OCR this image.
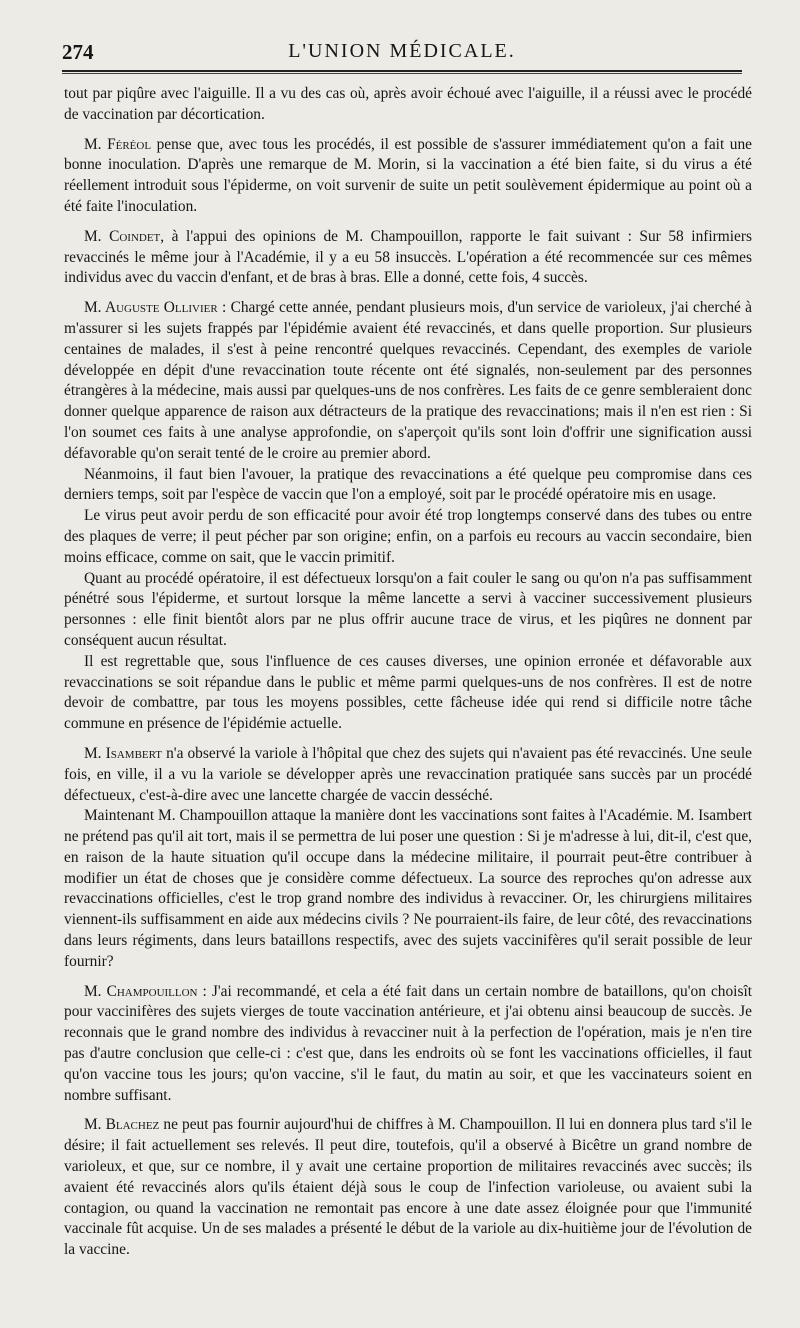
274	L'UNION MÉDICALE.

tout par piqûre avec l'aiguille. Il a vu des cas où, après avoir échoué avec l'aiguille, il a réussi avec le procédé de vaccination par décortication.

M. Féréol pense que, avec tous les procédés, il est possible de s'assurer immédiatement qu'on a fait une bonne inoculation. D'après une remarque de M. Morin, si la vaccination a été bien faite, si du virus a été réellement introduit sous l'épiderme, on voit survenir de suite un petit soulèvement épidermique au point où a été faite l'inoculation.

M. Coindet, à l'appui des opinions de M. Champouillon, rapporte le fait suivant : Sur 58 infirmiers revaccinés le même jour à l'Académie, il y a eu 58 insuccès. L'opération a été recommencée sur ces mêmes individus avec du vaccin d'enfant, et de bras à bras. Elle a donné, cette fois, 4 succès.

M. Auguste Ollivier : Chargé cette année, pendant plusieurs mois, d'un service de varioleux, j'ai cherché à m'assurer si les sujets frappés par l'épidémie avaient été revaccinés, et dans quelle proportion. Sur plusieurs centaines de malades, il s'est à peine rencontré quelques revaccinés. Cependant, des exemples de variole développée en dépit d'une revaccination toute récente ont été signalés, non-seulement par des personnes étrangères à la médecine, mais aussi par quelques-uns de nos confrères. Les faits de ce genre sembleraient donc donner quelque apparence de raison aux détracteurs de la pratique des revaccinations; mais il n'en est rien : Si l'on soumet ces faits à une analyse approfondie, on s'aperçoit qu'ils sont loin d'offrir une signification aussi défavorable qu'on serait tenté de le croire au premier abord.

Néanmoins, il faut bien l'avouer, la pratique des revaccinations a été quelque peu compromise dans ces derniers temps, soit par l'espèce de vaccin que l'on a employé, soit par le procédé opératoire mis en usage.

Le virus peut avoir perdu de son efficacité pour avoir été trop longtemps conservé dans des tubes ou entre des plaques de verre; il peut pécher par son origine; enfin, on a parfois eu recours au vaccin secondaire, bien moins efficace, comme on sait, que le vaccin primitif.

Quant au procédé opératoire, il est défectueux lorsqu'on a fait couler le sang ou qu'on n'a pas suffisamment pénétré sous l'épiderme, et surtout lorsque la même lancette a servi à vacciner successivement plusieurs personnes : elle finit bientôt alors par ne plus offrir aucune trace de virus, et les piqûres ne donnent par conséquent aucun résultat.

Il est regrettable que, sous l'influence de ces causes diverses, une opinion erronée et défavorable aux revaccinations se soit répandue dans le public et même parmi quelques-uns de nos confrères. Il est de notre devoir de combattre, par tous les moyens possibles, cette fâcheuse idée qui rend si difficile notre tâche commune en présence de l'épidémie actuelle.

M. Isambert n'a observé la variole à l'hôpital que chez des sujets qui n'avaient pas été revaccinés. Une seule fois, en ville, il a vu la variole se développer après une revaccination pratiquée sans succès par un procédé défectueux, c'est-à-dire avec une lancette chargée de vaccin desséché.

Maintenant M. Champouillon attaque la manière dont les vaccinations sont faites à l'Académie. M. Isambert ne prétend pas qu'il ait tort, mais il se permettra de lui poser une question : Si je m'adresse à lui, dit-il, c'est que, en raison de la haute situation qu'il occupe dans la médecine militaire, il pourrait peut-être contribuer à modifier un état de choses que je considère comme défectueux. La source des reproches qu'on adresse aux revaccinations officielles, c'est le trop grand nombre des individus à revacciner. Or, les chirurgiens militaires viennent-ils suffisamment en aide aux médecins civils ? Ne pourraient-ils faire, de leur côté, des revaccinations dans leurs régiments, dans leurs bataillons respectifs, avec des sujets vaccinifères qu'il serait possible de leur fournir?

M. Champouillon : J'ai recommandé, et cela a été fait dans un certain nombre de bataillons, qu'on choisît pour vaccinifères des sujets vierges de toute vaccination antérieure, et j'ai obtenu ainsi beaucoup de succès. Je reconnais que le grand nombre des individus à revacciner nuit à la perfection de l'opération, mais je n'en tire pas d'autre conclusion que celle-ci : c'est que, dans les endroits où se font les vaccinations officielles, il faut qu'on vaccine tous les jours; qu'on vaccine, s'il le faut, du matin au soir, et que les vaccinateurs soient en nombre suffisant.

M. Blachez ne peut pas fournir aujourd'hui de chiffres à M. Champouillon. Il lui en donnera plus tard s'il le désire; il fait actuellement ses relevés. Il peut dire, toutefois, qu'il a observé à Bicêtre un grand nombre de varioleux, et que, sur ce nombre, il y avait une certaine proportion de militaires revaccinés avec succès; ils avaient été revaccinés alors qu'ils étaient déjà sous le coup de l'infection varioleuse, ou avaient subi la contagion, ou quand la vaccination ne remontait pas encore à une date assez éloignée pour que l'immunité vaccinale fût acquise. Un de ses malades a présenté le début de la variole au dix-huitième jour de l'évolution de la vaccine.
